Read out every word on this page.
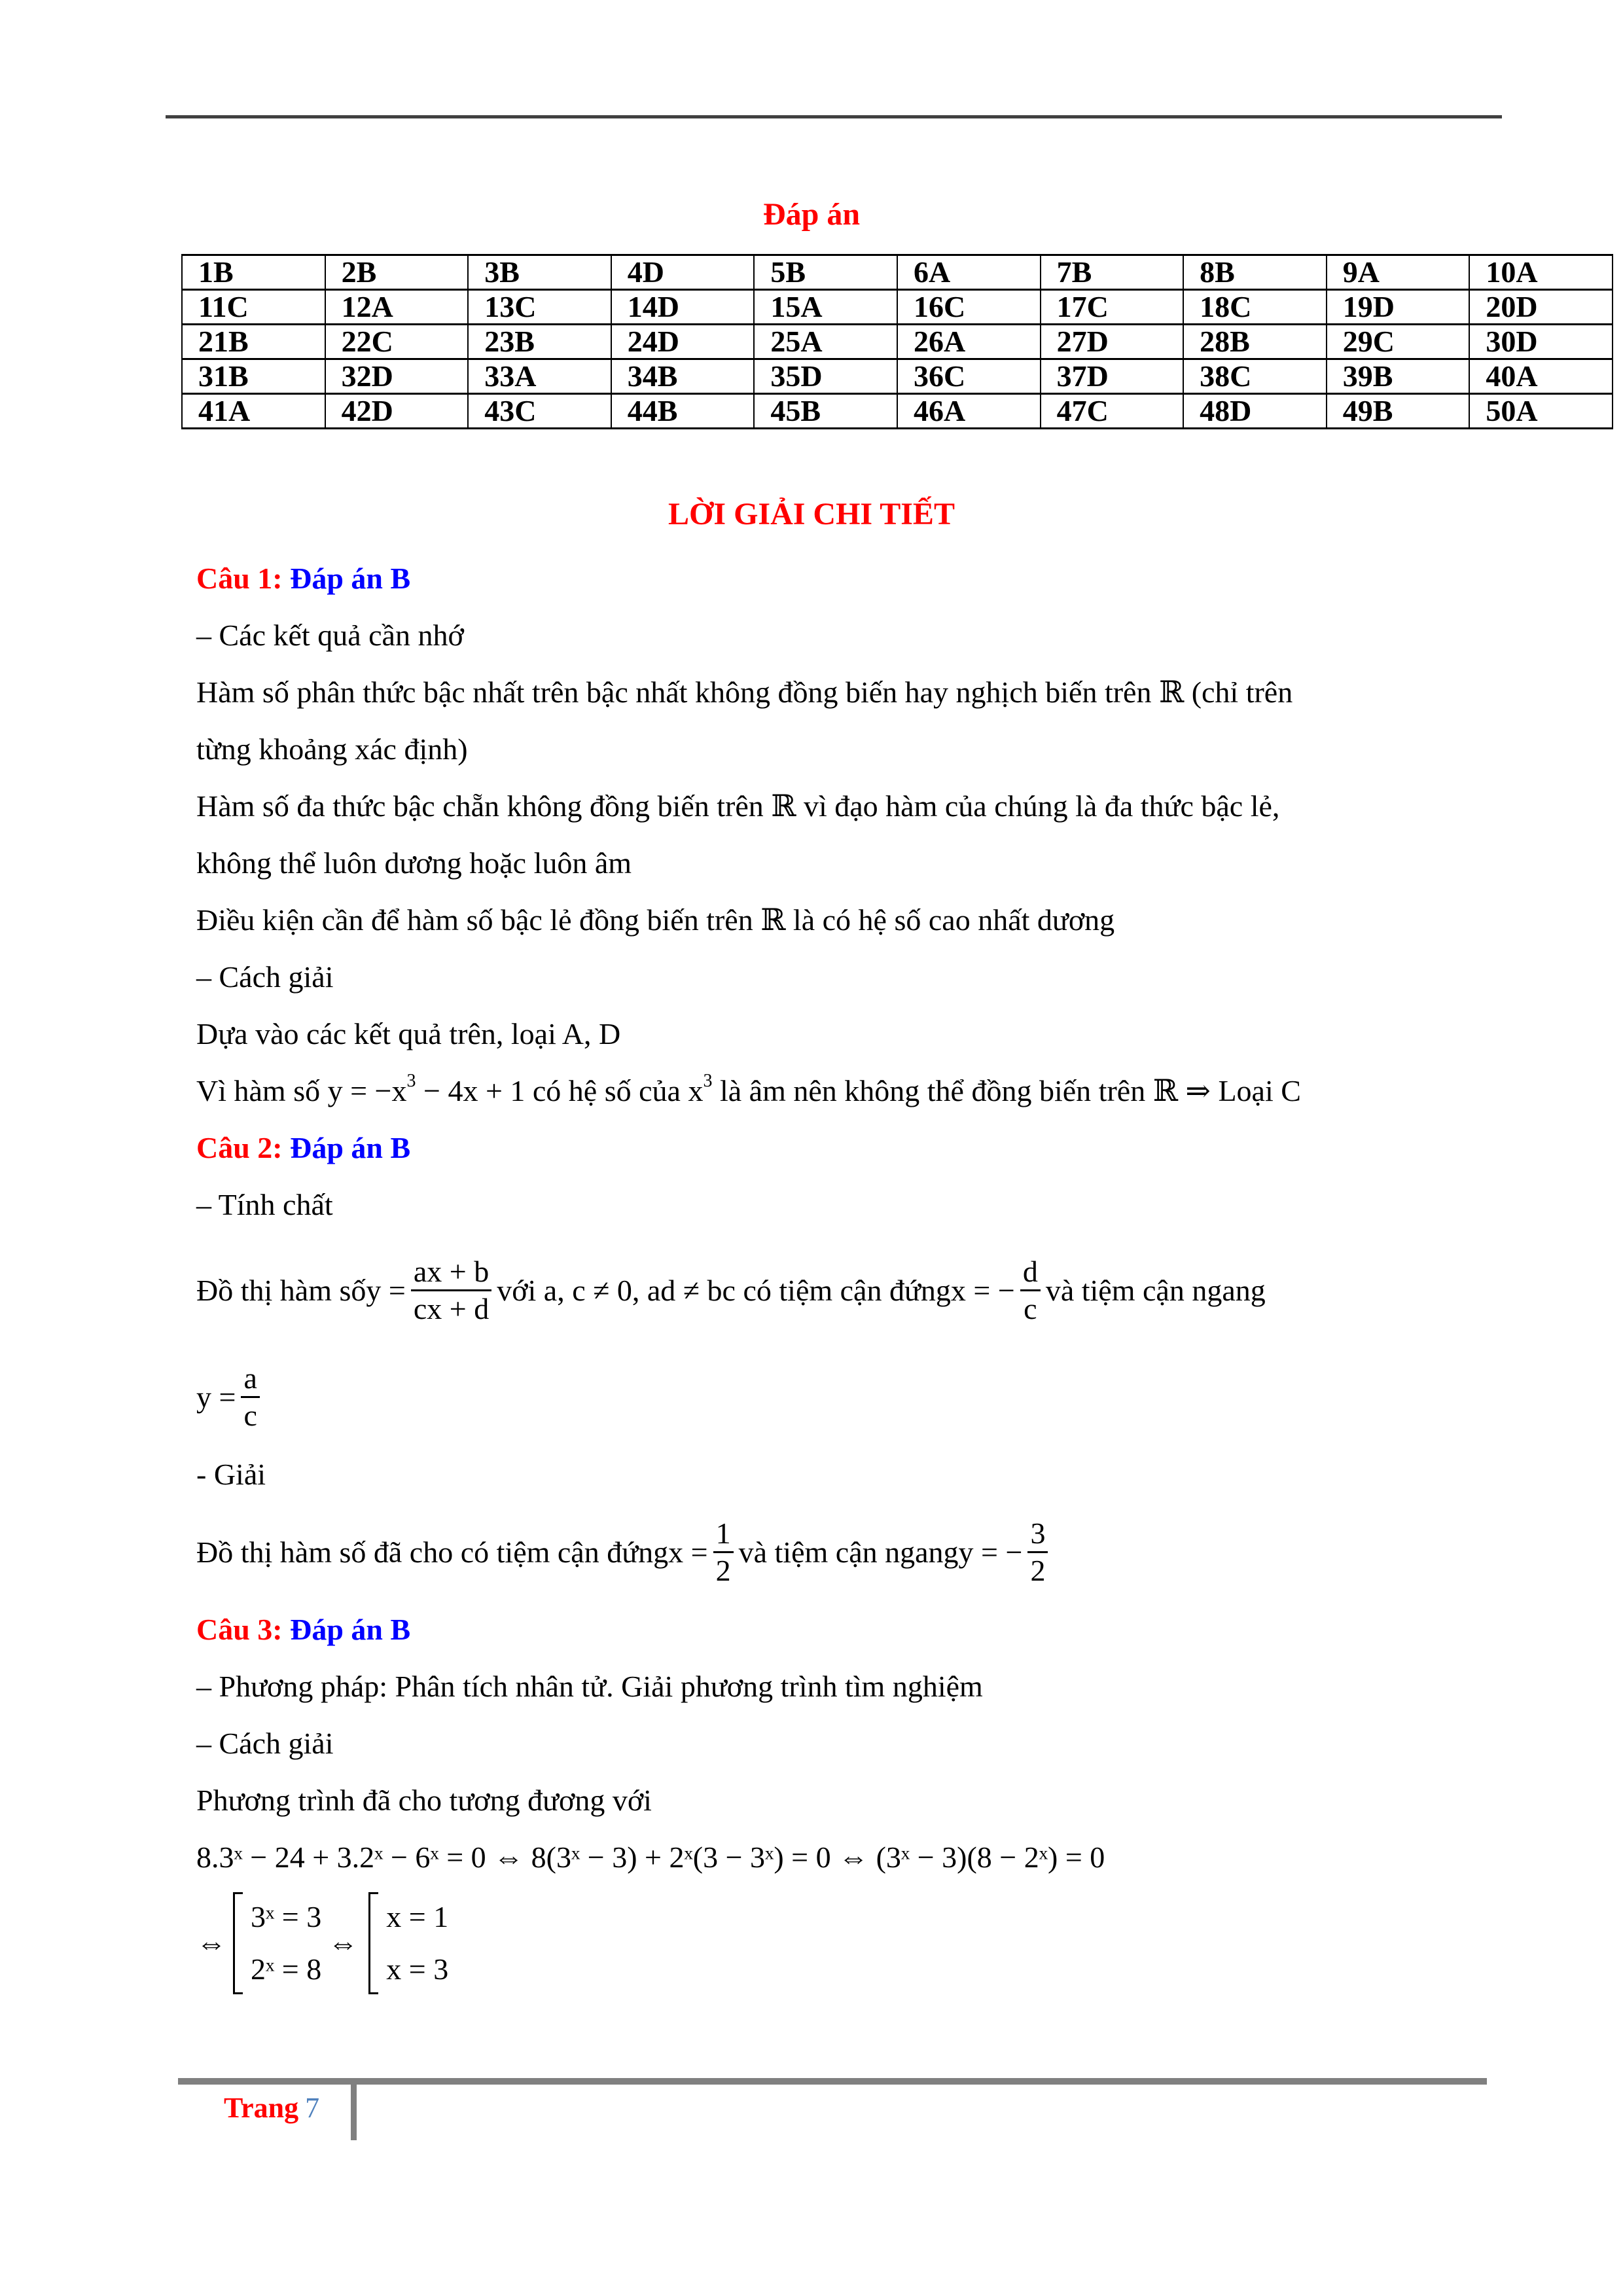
Đáp án
1B	2B	3B	4D	5B	6A	7B	8B	9A	10A
11C	12A	13C	14D	15A	16C	17C	18C	19D	20D
21B	22C	23B	24D	25A	26A	27D	28B	29C	30D
31B	32D	33A	34B	35D	36C	37D	38C	39B	40A
41A	42D	43C	44B	45B	46A	47C	48D	49B	50A
LỜI GIẢI CHI TIẾT
Câu 1: Đáp án B
– Các kết quả cần nhớ
Hàm số phân thức bậc nhất trên bậc nhất không đồng biến hay nghịch biến trên ℝ (chỉ trên
từng khoảng xác định)
Hàm số đa thức bậc chẵn không đồng biến trên ℝ vì đạo hàm của chúng là đa thức bậc lẻ,
không thể luôn dương hoặc luôn âm
Điều kiện cần để hàm số bậc lẻ đồng biến trên ℝ là có hệ số cao nhất dương
– Cách giải
Dựa vào các kết quả trên, loại A, D
Vì hàm số $y = -x^3 - 4x + 1$ có hệ số của $x^3$ là âm nên không thể đồng biến trên ℝ ⇒ Loại C
Câu 2: Đáp án B
– Tính chất
Đồ thị hàm số $y = \frac{ax + b}{cx + d}$ với a, c ≠ 0, ad ≠ bc có tiệm cận đứng x = − $\frac{d}{c}$ và tiệm cận ngang
$y = \frac{a}{c}$
- Giải
Đồ thị hàm số đã cho có tiệm cận đứng $x = \frac{1}{2}$ và tiệm cận ngang y = − $\frac{3}{2}$
Câu 3: Đáp án B
– Phương pháp: Phân tích nhân tử. Giải phương trình tìm nghiệm
– Cách giải
Phương trình đã cho tương đương với
8.3ˣ − 24 + 3.2ˣ − 6ˣ = 0 ⇔ 8(3ˣ − 3) + 2ˣ(3 − 3ˣ) = 0 ⇔ (3ˣ − 3)(8 − 2ˣ) = 0
⇔
3ˣ = 3
2ˣ = 8
⇔
x = 1
x = 3
Trang 7
